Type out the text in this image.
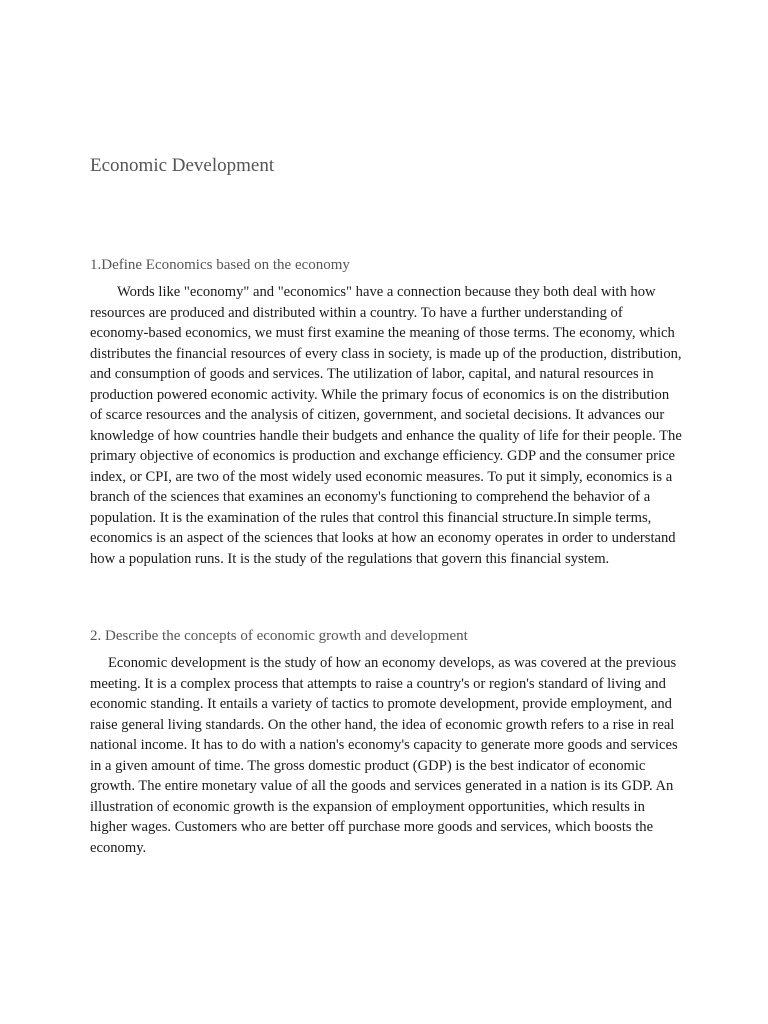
Economic Development
1.Define Economics based on the economy

Words like "economy" and "economics" have a connection because they both deal with how resources are produced and distributed within a country. To have a further understanding of economy-based economics, we must first examine the meaning of those terms. The economy, which distributes the financial resources of every class in society, is made up of the production, distribution, and consumption of goods and services. The utilization of labor, capital, and natural resources in production powered economic activity. While the primary focus of economics is on the distribution of scarce resources and the analysis of citizen, government, and societal decisions. It advances our knowledge of how countries handle their budgets and enhance the quality of life for their people. The primary objective of economics is production and exchange efficiency. GDP and the consumer price index, or CPI, are two of the most widely used economic measures. To put it simply, economics is a branch of the sciences that examines an economy's functioning to comprehend the behavior of a population. It is the examination of the rules that control this financial structure.In simple terms, economics is an aspect of the sciences that looks at how an economy operates in order to understand how a population runs. It is the study of the regulations that govern this financial system.

2. Describe the concepts of economic growth and development

Economic development is the study of how an economy develops, as was covered at the previous meeting. It is a complex process that attempts to raise a country's or region's standard of living and economic standing. It entails a variety of tactics to promote development, provide employment, and raise general living standards. On the other hand, the idea of economic growth refers to a rise in real national income. It has to do with a nation's economy's capacity to generate more goods and services in a given amount of time. The gross domestic product (GDP) is the best indicator of economic growth. The entire monetary value of all the goods and services generated in a nation is its GDP. An illustration of economic growth is the expansion of employment opportunities, which results in higher wages. Customers who are better off purchase more goods and services, which boosts the economy.
